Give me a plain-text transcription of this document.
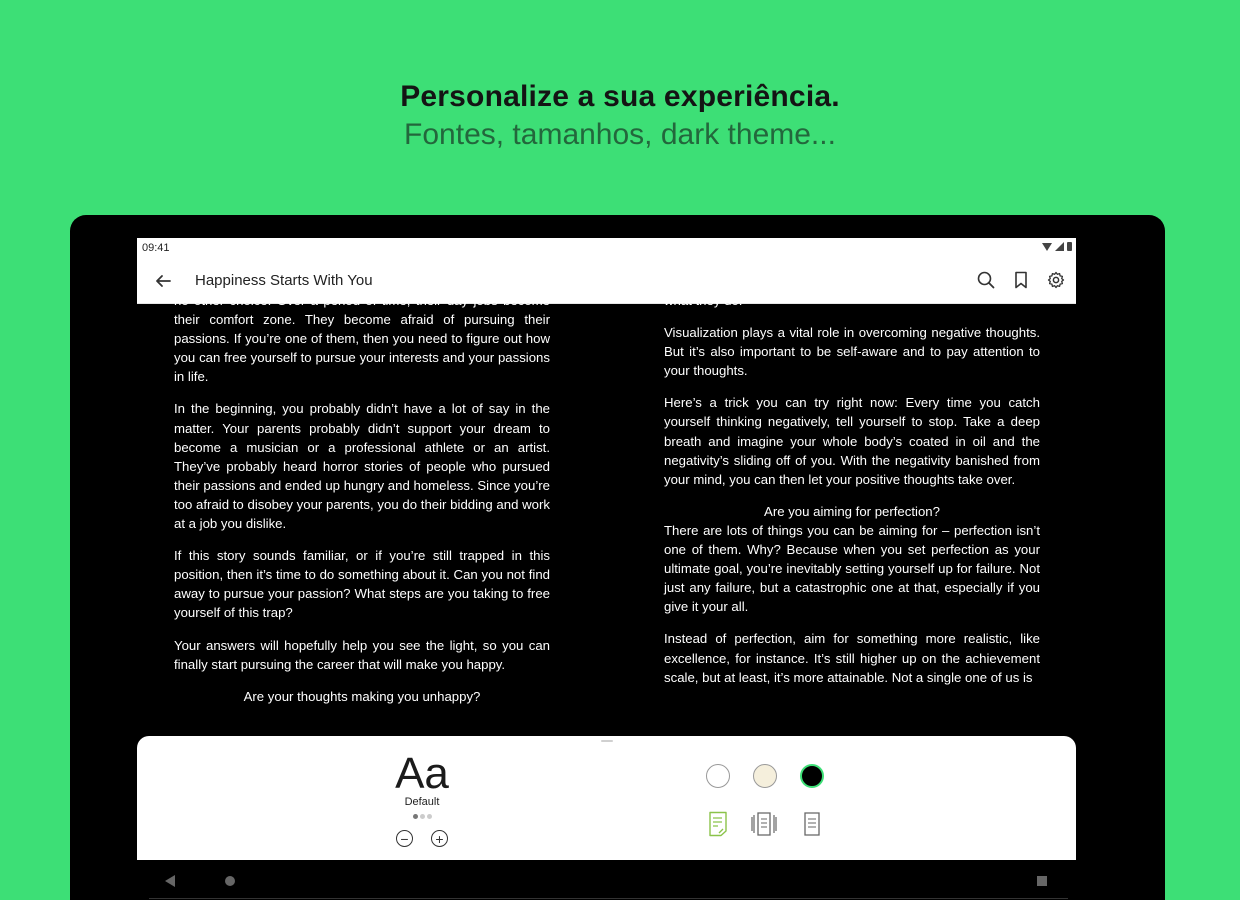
Personalize a sua experiência.
Fontes, tamanhos, dark theme...
09:41
Happiness Starts With You

no other choice. Over a period of time, their day jobs become their comfort zone. They become afraid of pursuing their passions. If you’re one of them, then you need to figure out how you can free yourself to pursue your interests and your passions in life.

In the beginning, you probably didn’t have a lot of say in the matter. Your parents probably didn’t support your dream to become a musician or a professional athlete or an artist. They’ve probably heard horror stories of people who pursued their passions and ended up hungry and homeless. Since you’re too afraid to disobey your parents, you do their bidding and work at a job you dislike.

If this story sounds familiar, or if you’re still trapped in this position, then it’s time to do something about it. Can you not find away to pursue your passion? What steps are you taking to free yourself of this trap?

Your answers will hopefully help you see the light, so you can finally start pursuing the career that will make you happy.

Are your thoughts making you unhappy?

what they do.

Visualization plays a vital role in overcoming negative thoughts. But it’s also important to be self-aware and to pay attention to your thoughts.

Here’s a trick you can try right now: Every time you catch yourself thinking negatively, tell yourself to stop. Take a deep breath and imagine your whole body’s coated in oil and the negativity’s sliding off of you. With the negativity banished from your mind, you can then let your positive thoughts take over.

Are you aiming for perfection?

There are lots of things you can be aiming for – perfection isn’t one of them. Why? Because when you set perfection as your ultimate goal, you’re inevitably setting yourself up for failure. Not just any failure, but a catastrophic one at that, especially if you give it your all.

Instead of perfection, aim for something more realistic, like excellence, for instance. It’s still higher up on the achievement scale, but at least, it’s more attainable. Not a single one of us is

Aa
Default
− +
